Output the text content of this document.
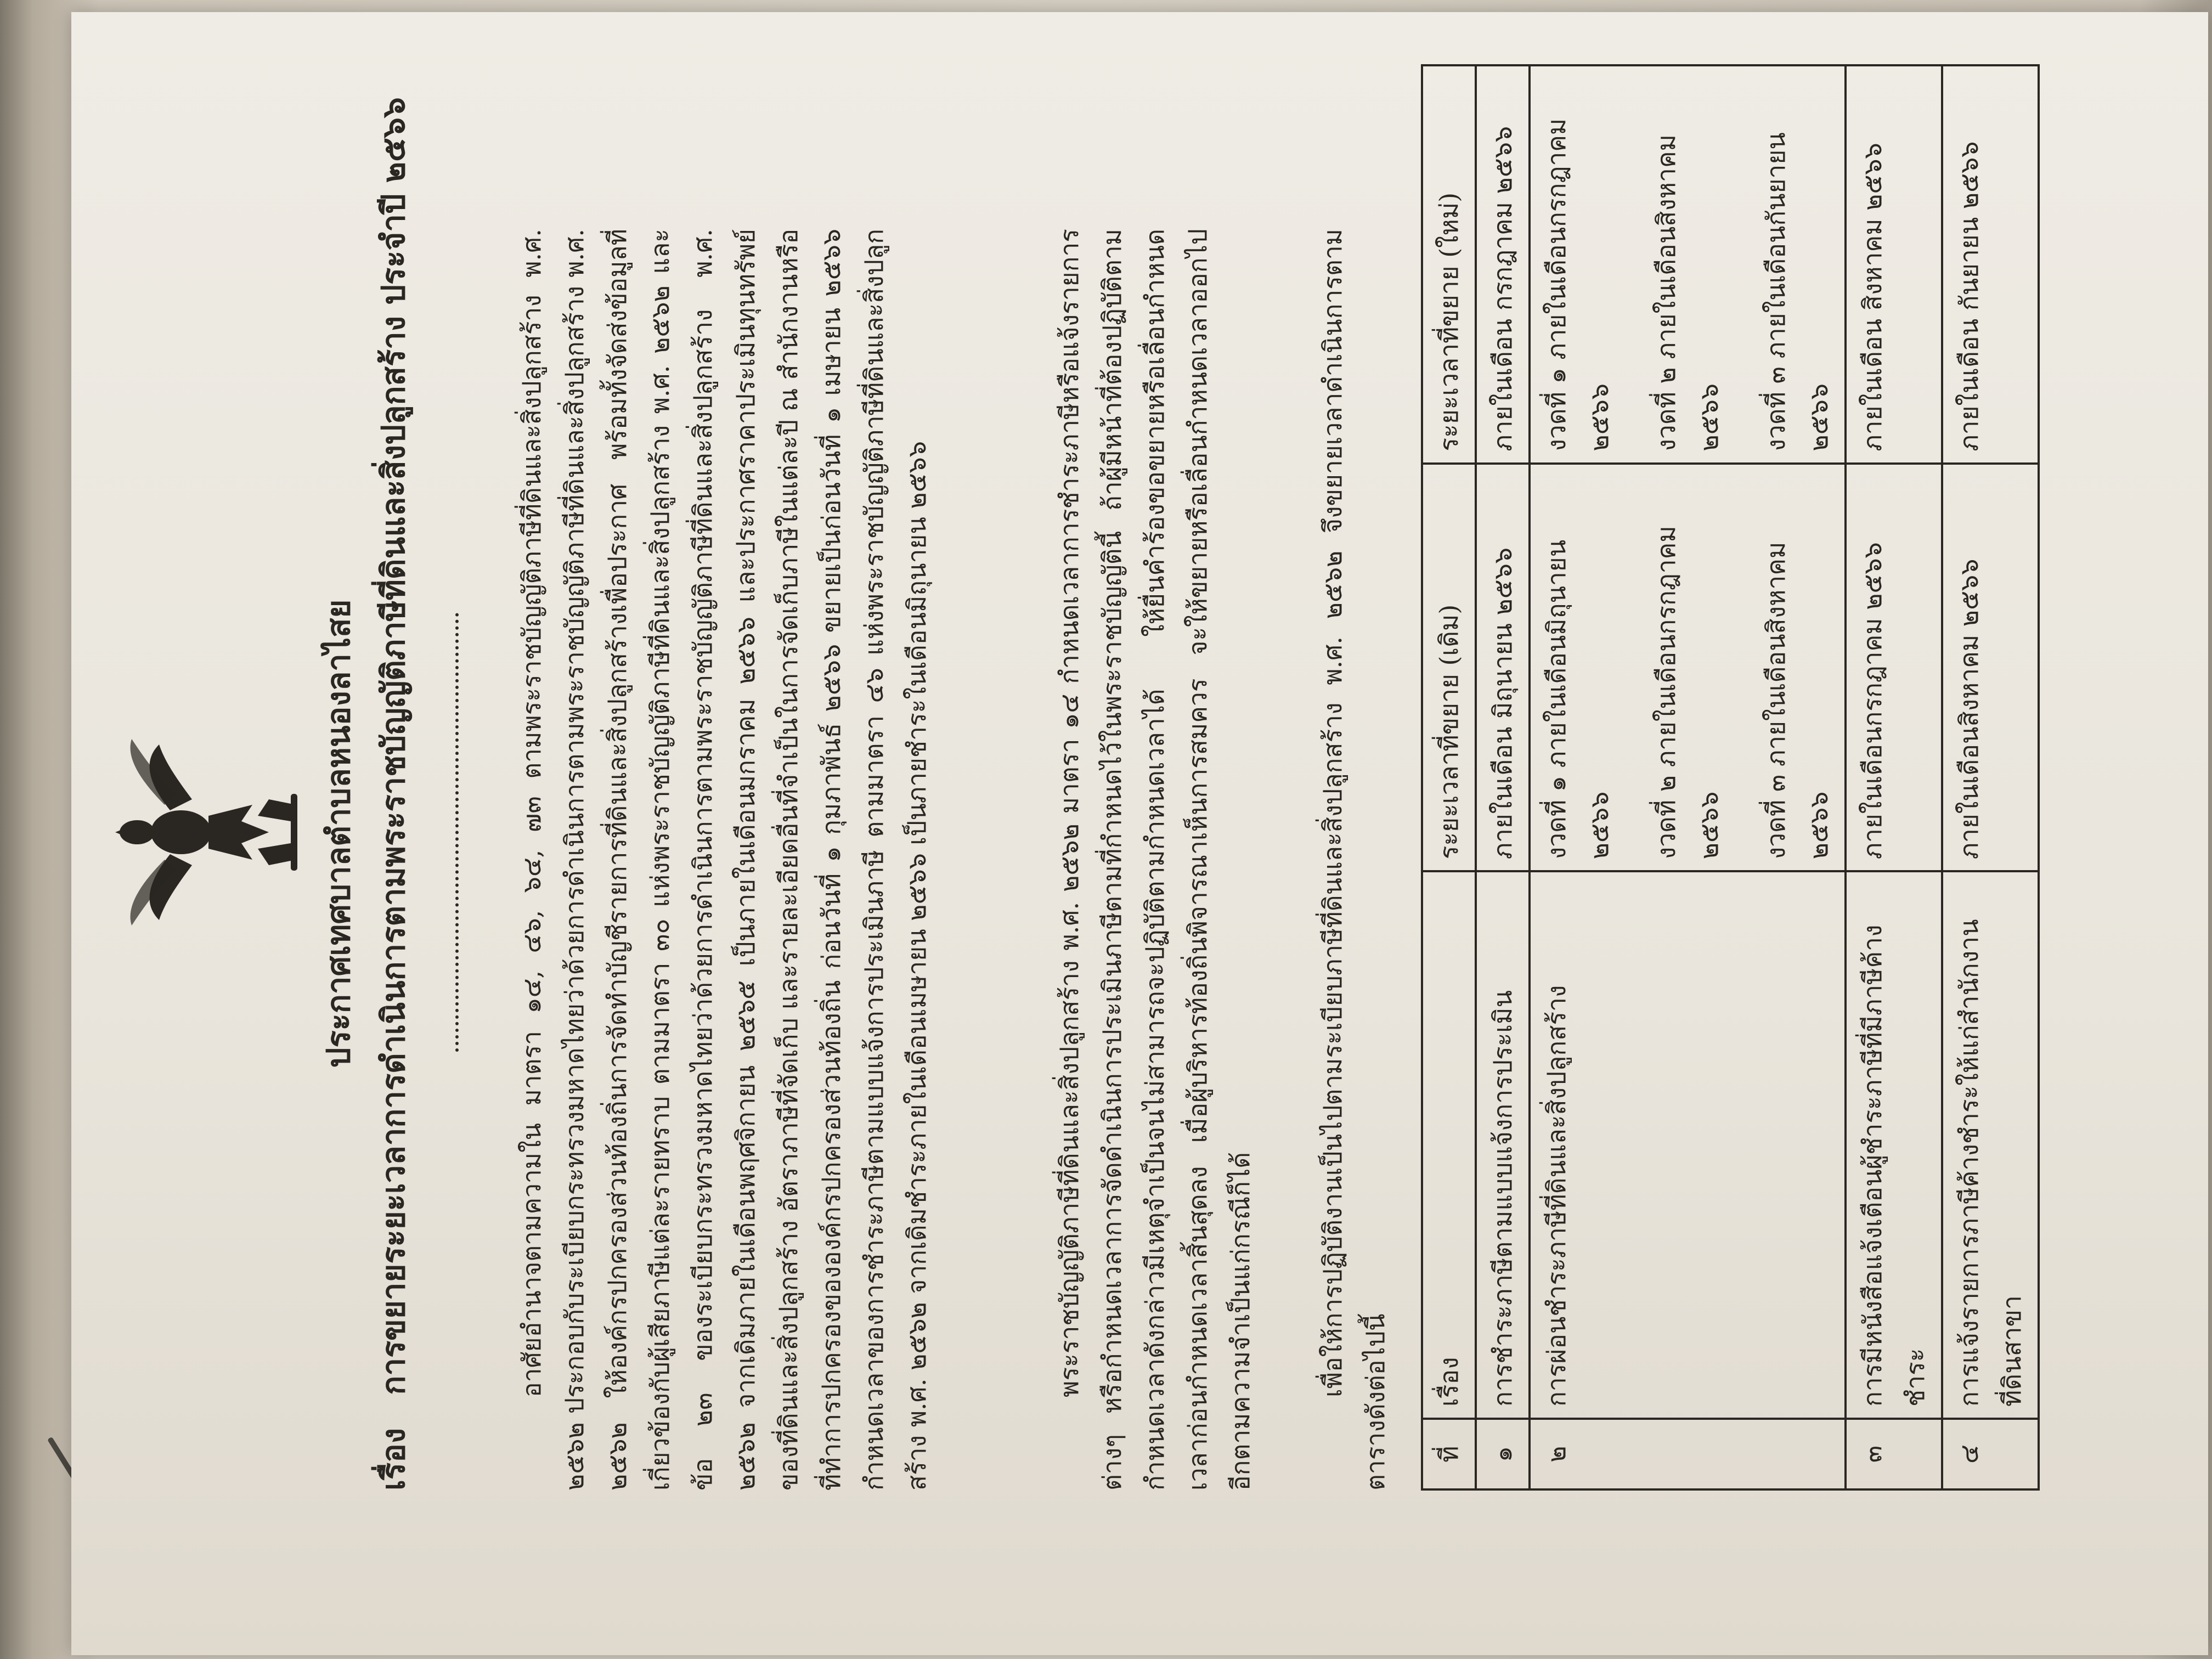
ประกาศเทศบาลตำบลหนองลาไสย
เรื่อง การขยายระยะเวลาการดำเนินการตามพระราชบัญญัติภาษีที่ดินและสิ่งปลูกสร้าง ประจำปี ๒๕๖๖	อาศัยอำนาจตามความใน มาตรา ๑๔, ๔๖, ๖๔, ๗๓ ตามพระราชบัญญัติภาษีที่ดินและสิ่งปลูกสร้าง พ.ศ. ๒๕๖๒ ประกอบกับระเบียบกระทรวงมหาดไทยว่าด้วยการดำเนินการตามพระราชบัญญัติภาษีที่ดินและสิ่งปลูกสร้าง พ.ศ. ๒๕๖๒ ให้องค์กรปกครองส่วนท้องถิ่นการจัดทำบัญชีรายการที่ดินและสิ่งปลูกสร้างเพื่อประกาศ พร้อมทั้งจัดส่งข้อมูลที่เกี่ยวข้องกับผู้เสียภาษีแต่ละรายทราบ ตามมาตรา ๓๐ แห่งพระราชบัญญัติภาษีที่ดินและสิ่งปลูกสร้าง พ.ศ. ๒๕๖๒ และข้อ ๒๓ ของระเบียบกระทรวงมหาดไทยว่าด้วยการดำเนินการตามพระราชบัญญัติภาษีที่ดินและสิ่งปลูกสร้าง พ.ศ. ๒๕๖๒ จากเดิมภายในเดือนพฤศจิกายน ๒๕๖๕ เป็นภายในเดือนมกราคม ๒๕๖๖ และประกาศราคาประเมินทุนทรัพย์ของที่ดินและสิ่งปลูกสร้าง อัตราภาษีที่จัดเก็บ และรายละเอียดอื่นที่จำเป็นในการจัดเก็บภาษีในแต่ละปี ณ สำนักงานหรือที่ทำการปกครองขององค์กรปกครองส่วนท้องถิ่น ก่อนวันที่ ๑ กุมภาพันธ์ ๒๕๖๖ ขยายเป็นก่อนวันที่ ๑ เมษายน ๒๕๖๖ กำหนดเวลาของการชำระภาษีตามแบบแจ้งการประเมินภาษี ตามมาตรา ๔๖ แห่งพระราชบัญญัติภาษีที่ดินและสิ่งปลูกสร้าง พ.ศ. ๒๕๖๒ จากเดิมชำระภายในเดือนเมษายน ๒๕๖๖ เป็นภายชำระในเดือนมิถุนายน ๒๕๖๖	พระราชบัญญัติภาษีที่ดินและสิ่งปลูกสร้าง พ.ศ. ๒๕๖๒ มาตรา ๑๔ กำหนดเวลาการชำระภาษีหรือแจ้งรายการต่างๆ หรือกำหนดเวลาการจัดดำเนินการประเมินภาษีตามที่กำหนดไว้ในพระราชบัญญัตินี้ ถ้าผู้มีหน้าที่ต้องปฏิบัติตามกำหนดเวลาดังกล่าวมีเหตุจำเป็นจนไม่สามารถจะปฏิบัติตามกำหนดเวลาได้ ให้ยื่นคำร้องขอขยายหรือเลื่อนกำหนดเวลาก่อนกำหนดเวลาสิ้นสุดลง เมื่อผู้บริหารท้องถิ่นพิจารณาเห็นการสมควร จะให้ขยายหรือเลื่อนกำหนดเวลาออกไปอีกตามความจำเป็นแก่กรณีก็ได้ เพื่อให้การปฏิบัติงานเป็นไปตามระเบียบภาษีที่ดินและสิ่งปลูกสร้าง พ.ศ. ๒๕๖๒ จึงขยายเวลาดำเนินการตามตารางดังต่อไปนี้ ที่	เรื่อง	ระยะเวลาที่ขยาย (เดิม)	ระยะเวลาที่ขยาย (ใหม่)
๑	การชำระภาษีตามแบบแจ้งการประเมิน	ภายในเดือน มิถุนายน ๒๕๖๖	ภายในเดือน กรกฎาคม ๒๕๖๖

๒	การผ่อนชำระภาษีที่ดินและสิ่งปลูกสร้าง	งวดที่ ๑ ภายในเดือนมิถุนายน ๒๕๖๖ งวดที่ ๒ ภายในเดือนกรกฎาคม ๒๕๖๖ งวดที่ ๓ ภายในเดือนสิงหาคม ๒๕๖๖	งวดที่ ๑ ภายในเดือนกรกฎาคม ๒๕๖๖ งวดที่ ๒ ภายในเดือนสิงหาคม ๒๕๖๖ งวดที่ ๓ ภายในเดือนกันยายน ๒๕๖๖

๓	การมีหนังสือแจ้งเตือนผู้ชำระภาษีที่มีภาษีค้างชำระ	ภายในเดือนกรกฎาคม ๒๕๖๖	ภายในเดือน สิงหาคม ๒๕๖๖

๔	การแจ้งรายการภาษีค้างชำระให้แก่สำนักงานที่ดินสาขา	ภายในเดือนสิงหาคม ๒๕๖๖	ภายในเดือน กันยายน ๒๕๖๖
